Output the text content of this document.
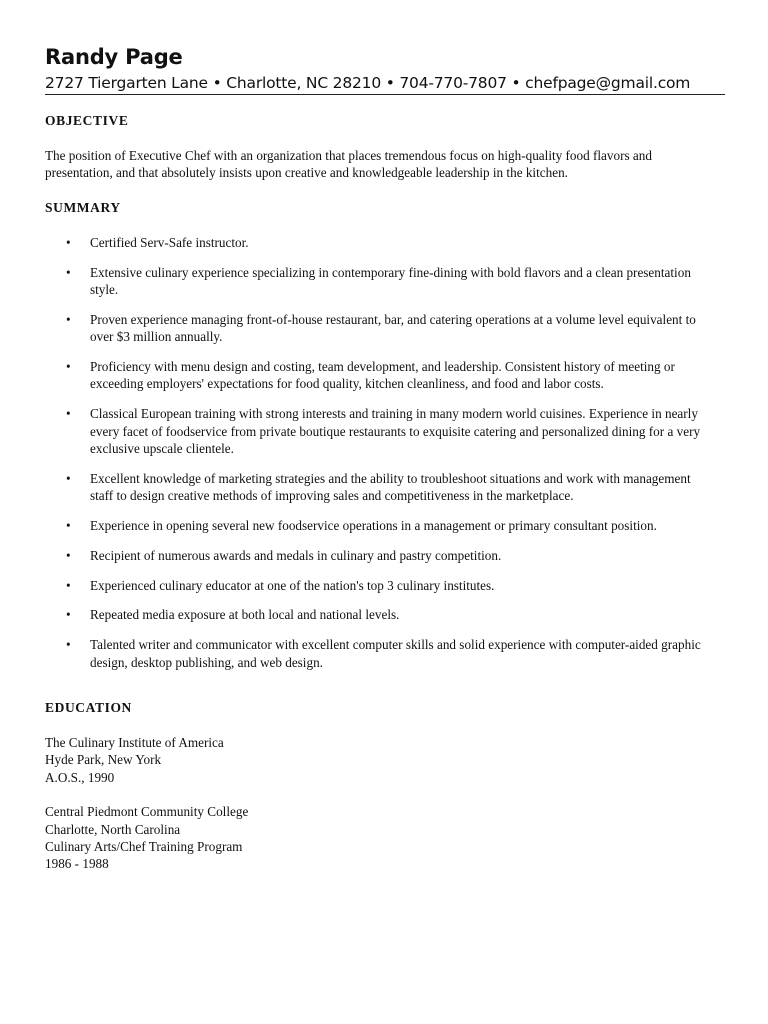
Randy Page
2727 Tiergarten Lane • Charlotte, NC 28210 • 704-770-7807 • chefpage@gmail.com
OBJECTIVE

The position of Executive Chef with an organization that places tremendous focus on high-quality food flavors and presentation, and that absolutely insists upon creative and knowledgeable leadership in the kitchen.

SUMMARY
• Certified Serv-Safe instructor.
• Extensive culinary experience specializing in contemporary fine-dining with bold flavors and a clean presentation style.
• Proven experience managing front-of-house restaurant, bar, and catering operations at a volume level equivalent to over $3 million annually.
• Proficiency with menu design and costing, team development, and leadership. Consistent history of meeting or exceeding employers' expectations for food quality, kitchen cleanliness, and food and labor costs.
• Classical European training with strong interests and training in many modern world cuisines. Experience in nearly every facet of foodservice from private boutique restaurants to exquisite catering and personalized dining for a very exclusive upscale clientele.
• Excellent knowledge of marketing strategies and the ability to troubleshoot situations and work with management staff to design creative methods of improving sales and competitiveness in the marketplace.
• Experience in opening several new foodservice operations in a management or primary consultant position.
• Recipient of numerous awards and medals in culinary and pastry competition.
• Experienced culinary educator at one of the nation's top 3 culinary institutes.
• Repeated media exposure at both local and national levels.
• Talented writer and communicator with excellent computer skills and solid experience with computer-aided graphic design, desktop publishing, and web design.
EDUCATION
The Culinary Institute of America
Hyde Park, New York
A.O.S., 1990
Central Piedmont Community College
Charlotte, North Carolina
Culinary Arts/Chef Training Program
1986 - 1988
